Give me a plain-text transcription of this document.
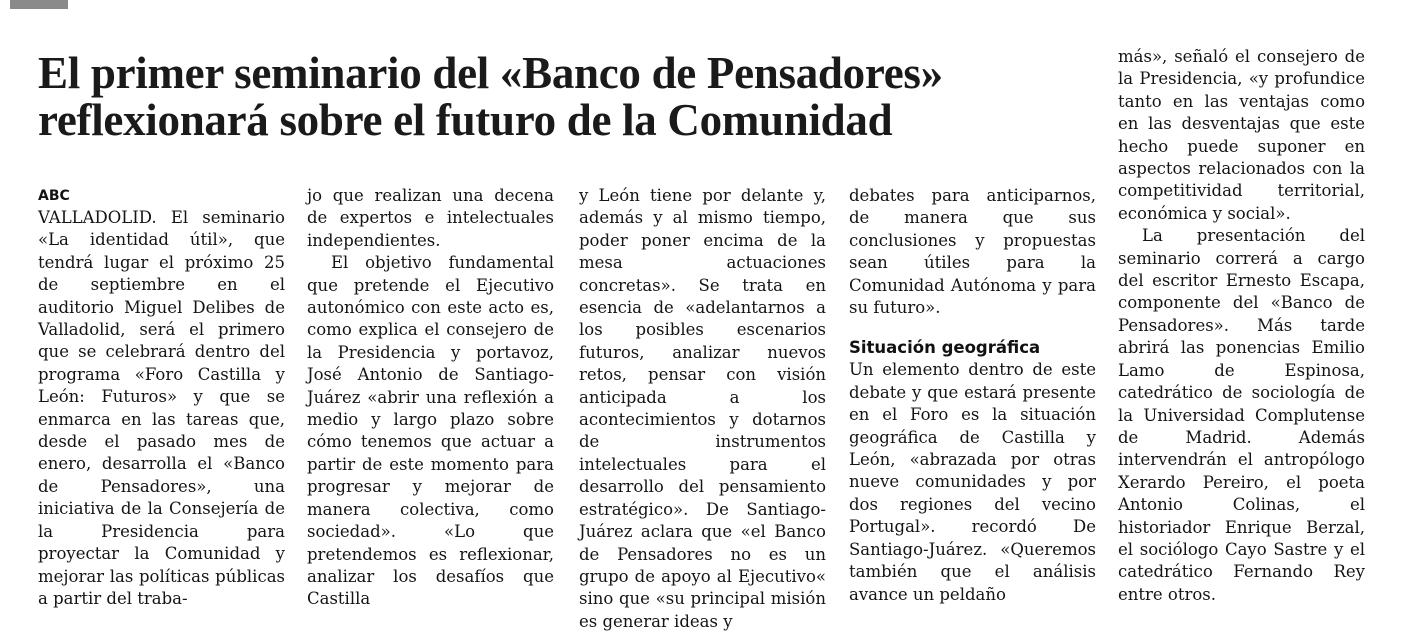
El primer seminario del «Banco de Pensadores»
reflexionará sobre el futuro de la Comunidad
ABC

VALLADOLID. El seminario «La identidad útil», que tendrá lugar el próximo 25 de septiembre en el auditorio Miguel Delibes de Valladolid, será el primero que se celebrará dentro del programa «Foro Castilla y León: Futuros» y que se enmarca en las tareas que, desde el pasado mes de enero, desarrolla el «Banco de Pensadores», una iniciativa de la Consejería de la Presidencia para proyectar la Comunidad y mejorar las políticas públicas a partir del traba-

jo que realizan una decena de expertos e intelectuales independientes.

El objetivo fundamental que pretende el Ejecutivo autonómico con este acto es, como explica el consejero de la Presidencia y portavoz, José Antonio de Santiago-Juárez «abrir una reflexión a medio y largo plazo sobre cómo tenemos que actuar a partir de este momento para progresar y mejorar de manera colectiva, como sociedad». «Lo que pretendemos es reflexionar, analizar los desafíos que Castilla

y León tiene por delante y, además y al mismo tiempo, poder poner encima de la mesa actuaciones concretas». Se trata en esencia de «adelantarnos a los posibles escenarios futuros, analizar nuevos retos, pensar con visión anticipada a los acontecimientos y dotarnos de instrumentos intelectuales para el desarrollo del pensamiento estratégico». De Santiago-Juárez aclara que «el Banco de Pensadores no es un grupo de apoyo al Ejecutivo« sino que «su principal misión es generar ideas y

debates para anticiparnos, de manera que sus conclusiones y propuestas sean útiles para la Comunidad Autónoma y para su futuro».

Situación geográfica

Un elemento dentro de este debate y que estará presente en el Foro es la situación geográfica de Castilla y León, «abrazada por otras nueve comunidades y por dos regiones del vecino Portugal». recordó De Santiago-Juárez. «Queremos también que el análisis avance un peldaño

más», señaló el consejero de la Presidencia, «y profundice tanto en las ventajas como en las desventajas que este hecho puede suponer en aspectos relacionados con la competitividad territorial, económica y social».

La presentación del seminario correrá a cargo del escritor Ernesto Escapa, componente del «Banco de Pensadores». Más tarde abrirá las ponencias Emilio Lamo de Espinosa, catedrático de sociología de la Universidad Complutense de Madrid. Además intervendrán el antropólogo Xerardo Pereiro, el poeta Antonio Colinas, el historiador Enrique Berzal, el sociólogo Cayo Sastre y el catedrático Fernando Rey entre otros.
